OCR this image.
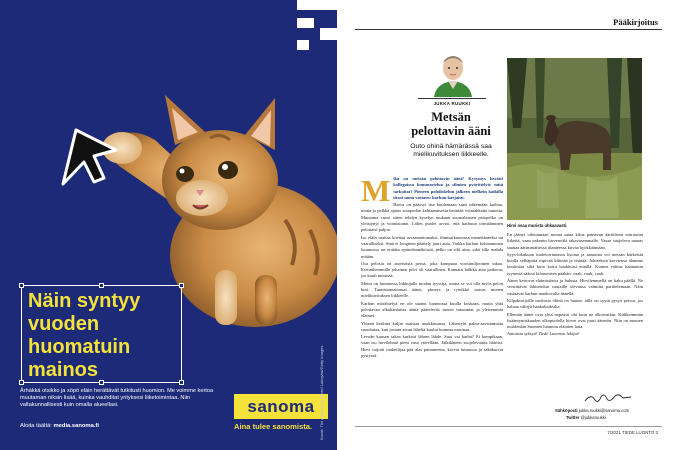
Näin syntyy
vuoden huomatuin
mainos

Ärhäkkä otsikko ja söpö eläin herättävät tutkitusti huomion. Me voimme kertoa muutaman niksin lisää, kuinka vauhditat yrityksesi liiketoimintaa. Niin valtakunnallisesti kuin omalla alueellasi.

Aloita täältä: media.sanoma.fi

sanoma
Aina tulee sanomista. Kuvat: The Artworks ja Mikael Lainqvist/Getty Images
Pääkirjoitus
JUKKA RUUKKI
Metsän
pelottavin ääni

Outo ohinä hämärässä saa mielikuvituksen liikkeelle.

Hirvi osaa murista uhkaavasti.

M ikä on metsän pelottavin ääni? Kysymys herätti kollegoissa kummastelua ja silmien pyörittelyä: mitä tarkoitat? Pieneen pohdiskelun jälkeen melkein kaikilla ittsui sama vastaus: karhun karjaisu.

Harva on päässyt itse kuulemaan saati näkemään karhua, mutta jo pelkkä ajatus suurpedon kohtaamisesta herättää voimakkaita tunteita. Muutama vuosi sitten tehdyn kyselyn mukaan suomalaisten petopelko on yleistynyt ja voimistunut. Lähes puolet arvioi, että karhuun törmääminen pelottaisi paljon.

Iso eläin saattaa koettaa arvaamattomaksi, ihmisarkuutensa menettäneeksi tai vaaralliseksi. Sinä ei looginen päättely juuri auta. Vaikka karhun kohtaaminen luonnossa on erittäin epätodennäköistä, pelko on siltí aina, eikä sille mahda mitään.

Osa pelosta on atavistista perua, joka kumpuaa vuosimiljoonien takaa. Esivanhemmille jokainen pilvi oli vaarallinen. Kannatti hälkkä aina paikoon, jos kuuli mörinää.

Metsä on luonnossa liikkujalle mudan tyyssija, mutta se voi olla myös pelon koti. Tunnistamattomat äänet, pimeys ja ryteikkö saavat monen mielikuvituksen liikkeelle.

Karhun mörähtelyä en ole saanut luonnossa kuulla koskaan, mutta yhtä pelottavan alkukantaisia ääniä pääteleväs monet tutummat ja yleisemmät eläimet.

Yhtenä keskinä kuljin maisiaa noukkimassa. Lähestyin paksa-aavistamatta suonlaitaa, kun jostain aivan läheltä kuului kumeaa murinaa.

Levoän kuusen takaa kurkisti lähren lähde. Suoi vai karhu? Ei kumpikaan, vaan iso hirvilehmä pieni vasa vierellään. Jälkikäteen suojelevuutta häiritsi. Hirvi tuijotti tunkeilijaa pää alas painuneena, korvat luimussa ja säkäkarvat pystyssä.

En jäänyt odottamaan monta sataa kiloa painavan äärtiilisen seuraavaa liikettä, vaan pakenin hirvenvälä takavasemmalle. Vasaa suojeleva naaras saattaa äärimmäisessä tilanteessa kiivaa hyökkäämään.

Syys-lokakuun tuuletorrinnassa lisoina ja aamuina voi metsän kärkeistä kuulla selkäpiitä riipivää kihinää ja öhinää. Jokiseksin korviensa älamme kuulostaa siltä kuin koira haukkuisi eräällä. Kumea valitus kantautuu tyynessä säässä kilometrien päähän: vaah, vaah, vaah.

Äänet kertovat eläimistönsa ja halusta. Hirvilemmellä on haku päällä. Ne viestittävät lähiseudun vaaraille olevansa valmiita parittelemaan. Näin vastaavat karhun maukovalla äänellä.

Kilpakosijoille urokosta öhinä on haaste: tällä on syytä pysyä poissa, jos haluaa välttyä hankaluuksilta.

Ellemän äänet ovat yhtä nopeasti ohi kuin ne alkoivatkin. Kiihkeimmän lisääntymiskauden ulkopuolella hirvet ovat juuri äänetön. Niin on monien muidenkin Suomen luonnon eläinten laita.

Antoisaa syksyä! Tiede Luonnon lukijat!

Sähköposti jukka.ruukki@sanoma.com
Twitter @jukkaruukki
7/2021 TIEDE LUONTO 3
